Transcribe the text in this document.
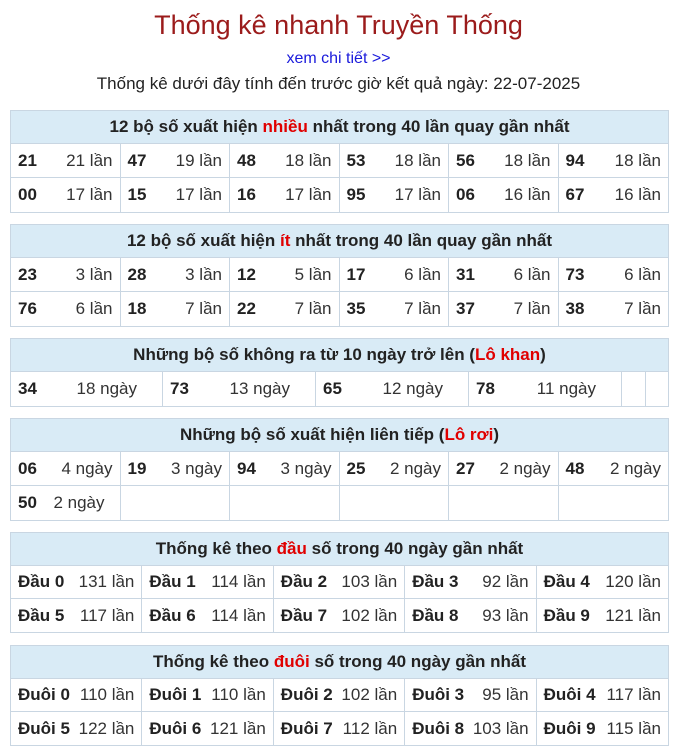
Thống kê nhanh Truyền Thống
xem chi tiết >>
Thống kê dưới đây tính đến trước giờ kết quả ngày: 22-07-2025
12 bộ số xuất hiện nhiều nhất trong 40 lần quay gần nhất
21 21 lần 47 19 lần 48 18 lần 53 18 lần 56 18 lần 94 18 lần
00 17 lần 15 17 lần 16 17 lần 95 17 lần 06 16 lần 67 16 lần
12 bộ số xuất hiện ít nhất trong 40 lần quay gần nhất
23 3 lần 28 3 lần 12 5 lần 17 6 lần 31 6 lần 73 6 lần
76 6 lần 18 7 lần 22 7 lần 35 7 lần 37 7 lần 38 7 lần
Những bộ số không ra từ 10 ngày trở lên (Lô khan)
34 18 ngày 73 13 ngày 65 12 ngày 78 11 ngày
Những bộ số xuất hiện liên tiếp (Lô rơi)
06 4 ngày 19 3 ngày 94 3 ngày 25 2 ngày 27 2 ngày 48 2 ngày
50 2 ngày
Thống kê theo đầu số trong 40 ngày gần nhất
Đầu 0 131 lần Đầu 1 114 lần Đầu 2 103 lần Đầu 3 92 lần Đầu 4 120 lần
Đầu 5 117 lần Đầu 6 114 lần Đầu 7 102 lần Đầu 8 93 lần Đầu 9 121 lần
Thống kê theo đuôi số trong 40 ngày gần nhất
Đuôi 0 110 lần Đuôi 1 110 lần Đuôi 2 102 lần Đuôi 3 95 lần Đuôi 4 117 lần
Đuôi 5 122 lần Đuôi 6 121 lần Đuôi 7 112 lần Đuôi 8 103 lần Đuôi 9 115 lần
